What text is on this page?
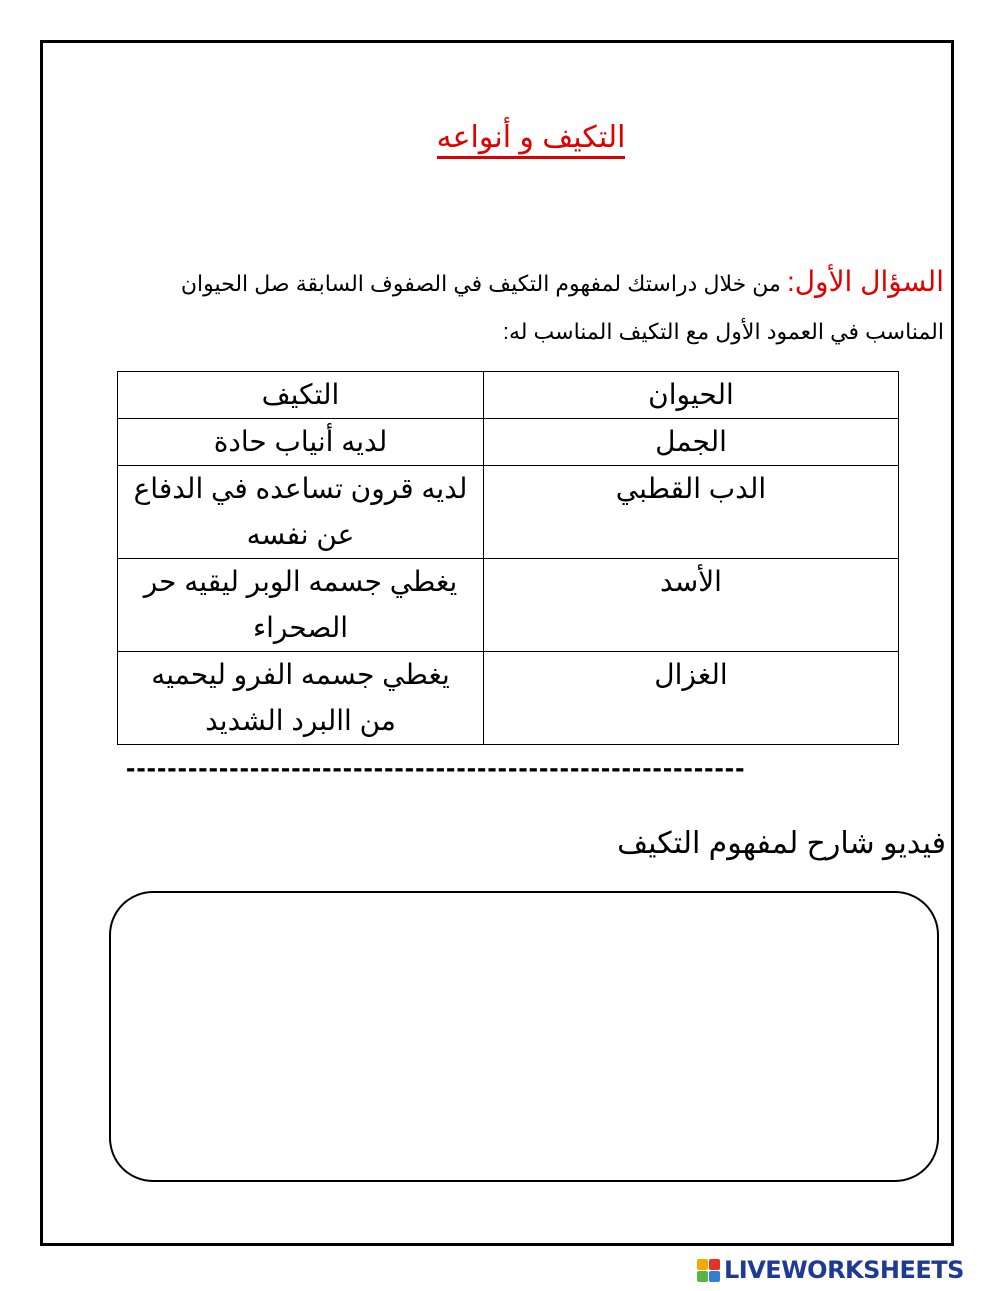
التكيف و أنواعه
السؤال الأول: من خلال دراستك لمفهوم التكيف في الصفوف السابقة صل الحيوان المناسب في العمود الأول مع التكيف المناسب له:
الحيوان	التكيف
الجمل	لديه أنياب حادة
الدب القطبي	لديه قرون تساعده في الدفاع عن نفسه
الأسد	يغطي جسمه الوبر ليقيه حر الصحراء
الغزال	يغطي جسمه الفرو ليحميه من االبرد الشديد
------------------------------------------------------------
فيديو شارح لمفهوم التكيف
LIVEWORKSHEETS
